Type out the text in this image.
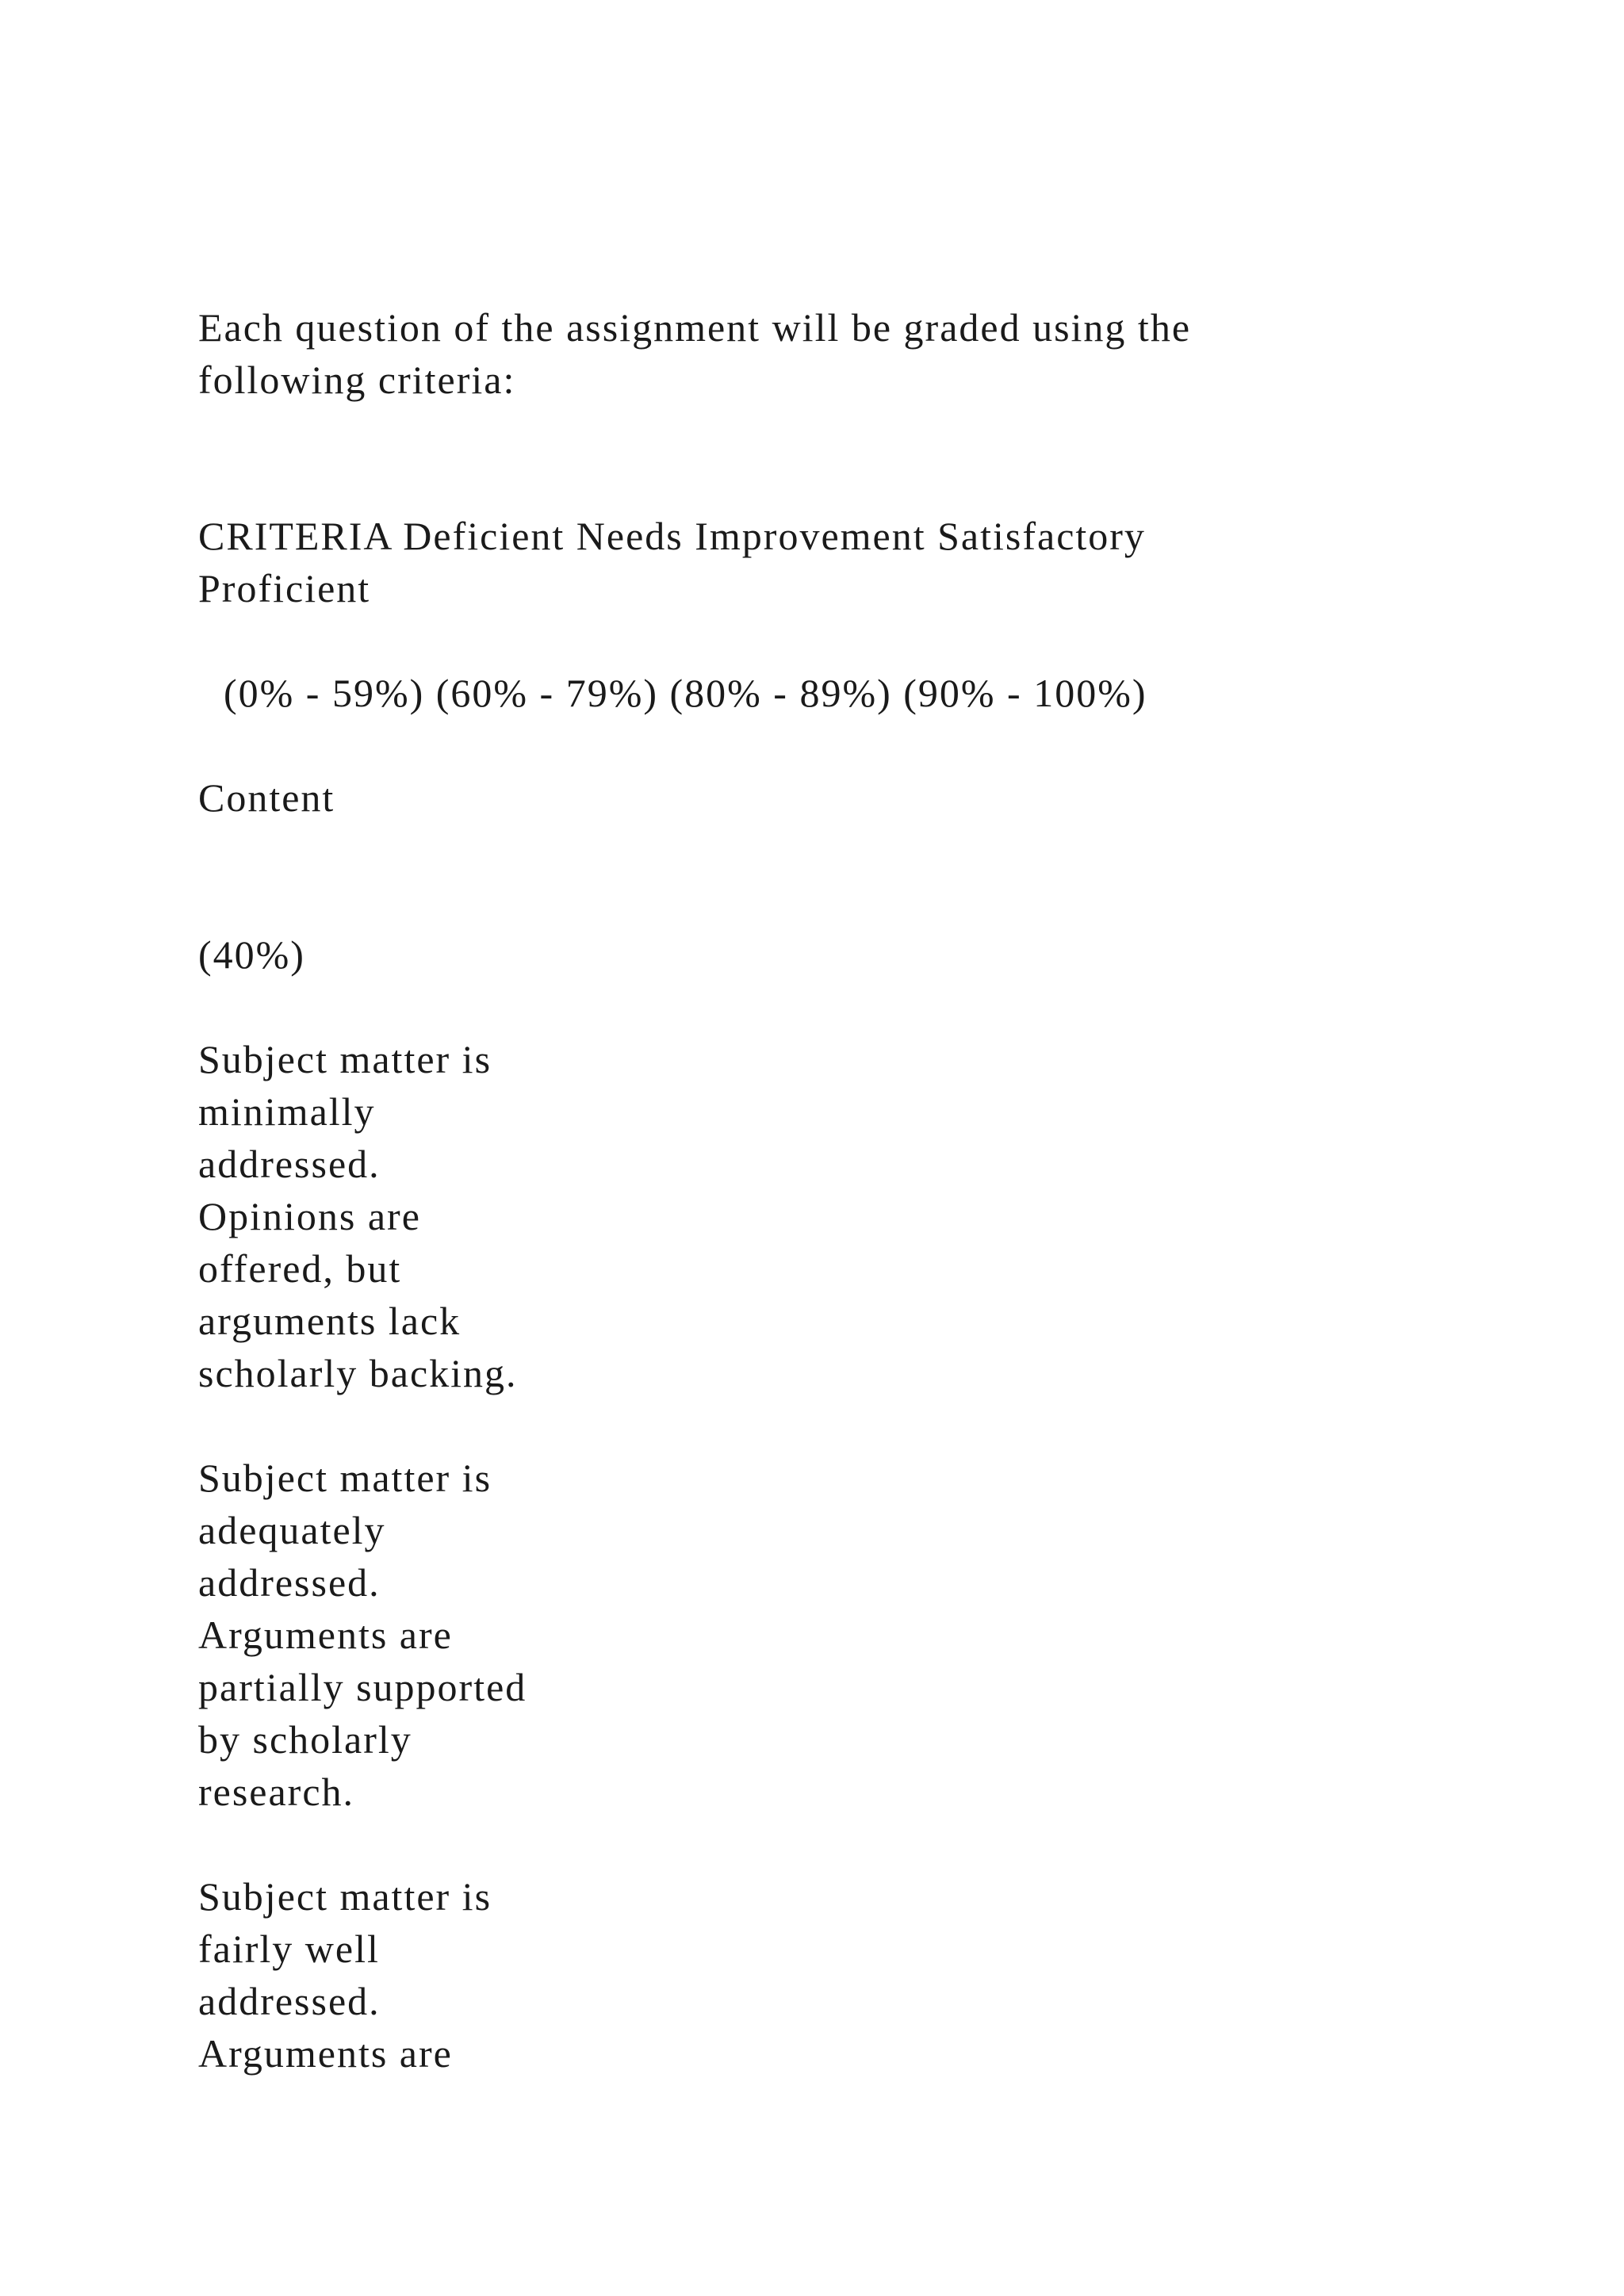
Each question of the assignment will be graded using the

following criteria:

CRITERIA Deficient Needs Improvement Satisfactory

Proficient

(0% - 59%) (60% - 79%) (80% - 89%) (90% - 100%)

Content

(40%)

Subject matter is

minimally

addressed.

Opinions are

offered, but

arguments lack

scholarly backing.

Subject matter is

adequately

addressed.

Arguments are

partially supported

by scholarly

research.

Subject matter is

fairly well

addressed.

Arguments are
